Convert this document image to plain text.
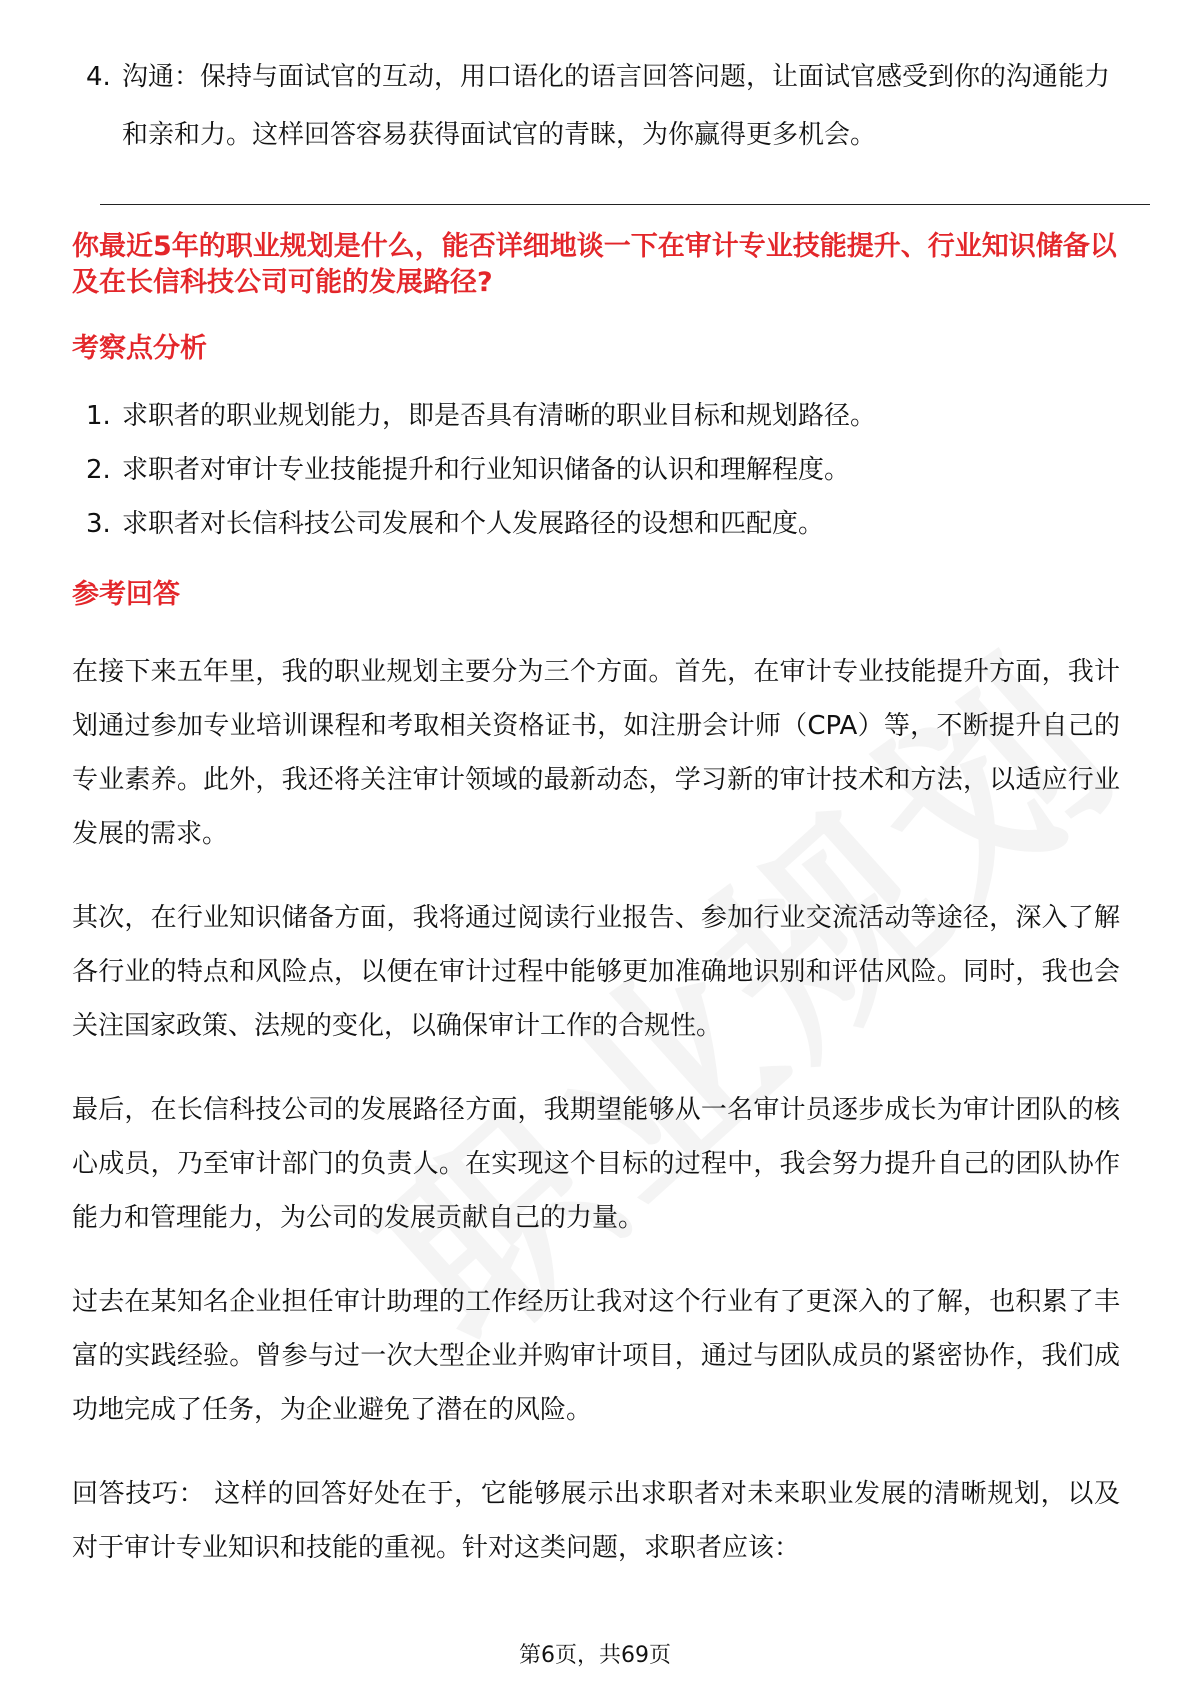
4. 沟通：保持与面试官的互动，用口语化的语言回答问题，让面试官感受到你的沟通能力和亲和力。这样回答容易获得面试官的青睐，为你赢得更多机会。
你最近5年的职业规划是什么，能否详细地谈一下在审计专业技能提升、行业知识储备以及在长信科技公司可能的发展路径?
考察点分析
1. 求职者的职业规划能力，即是否具有清晰的职业目标和规划路径。
2. 求职者对审计专业技能提升和行业知识储备的认识和理解程度。
3. 求职者对长信科技公司发展和个人发展路径的设想和匹配度。
参考回答

在接下来五年里，我的职业规划主要分为三个方面。首先，在审计专业技能提升方面，我计划通过参加专业培训课程和考取相关资格证书，如注册会计师（CPA）等，不断提升自己的专业素养。此外，我还将关注审计领域的最新动态，学习新的审计技术和方法，以适应行业发展的需求。

其次，在行业知识储备方面，我将通过阅读行业报告、参加行业交流活动等途径，深入了解各行业的特点和风险点，以便在审计过程中能够更加准确地识别和评估风险。同时，我也会关注国家政策、法规的变化，以确保审计工作的合规性。

最后，在长信科技公司的发展路径方面，我期望能够从一名审计员逐步成长为审计团队的核心成员，乃至审计部门的负责人。在实现这个目标的过程中，我会努力提升自己的团队协作能力和管理能力，为公司的发展贡献自己的力量。

过去在某知名企业担任审计助理的工作经历让我对这个行业有了更深入的了解，也积累了丰富的实践经验。曾参与过一次大型企业并购审计项目，通过与团队成员的紧密协作，我们成功地完成了任务，为企业避免了潜在的风险。

回答技巧： 这样的回答好处在于，它能够展示出求职者对未来职业发展的清晰规划，以及对于审计专业知识和技能的重视。针对这类问题，求职者应该：

第6页，共69页
